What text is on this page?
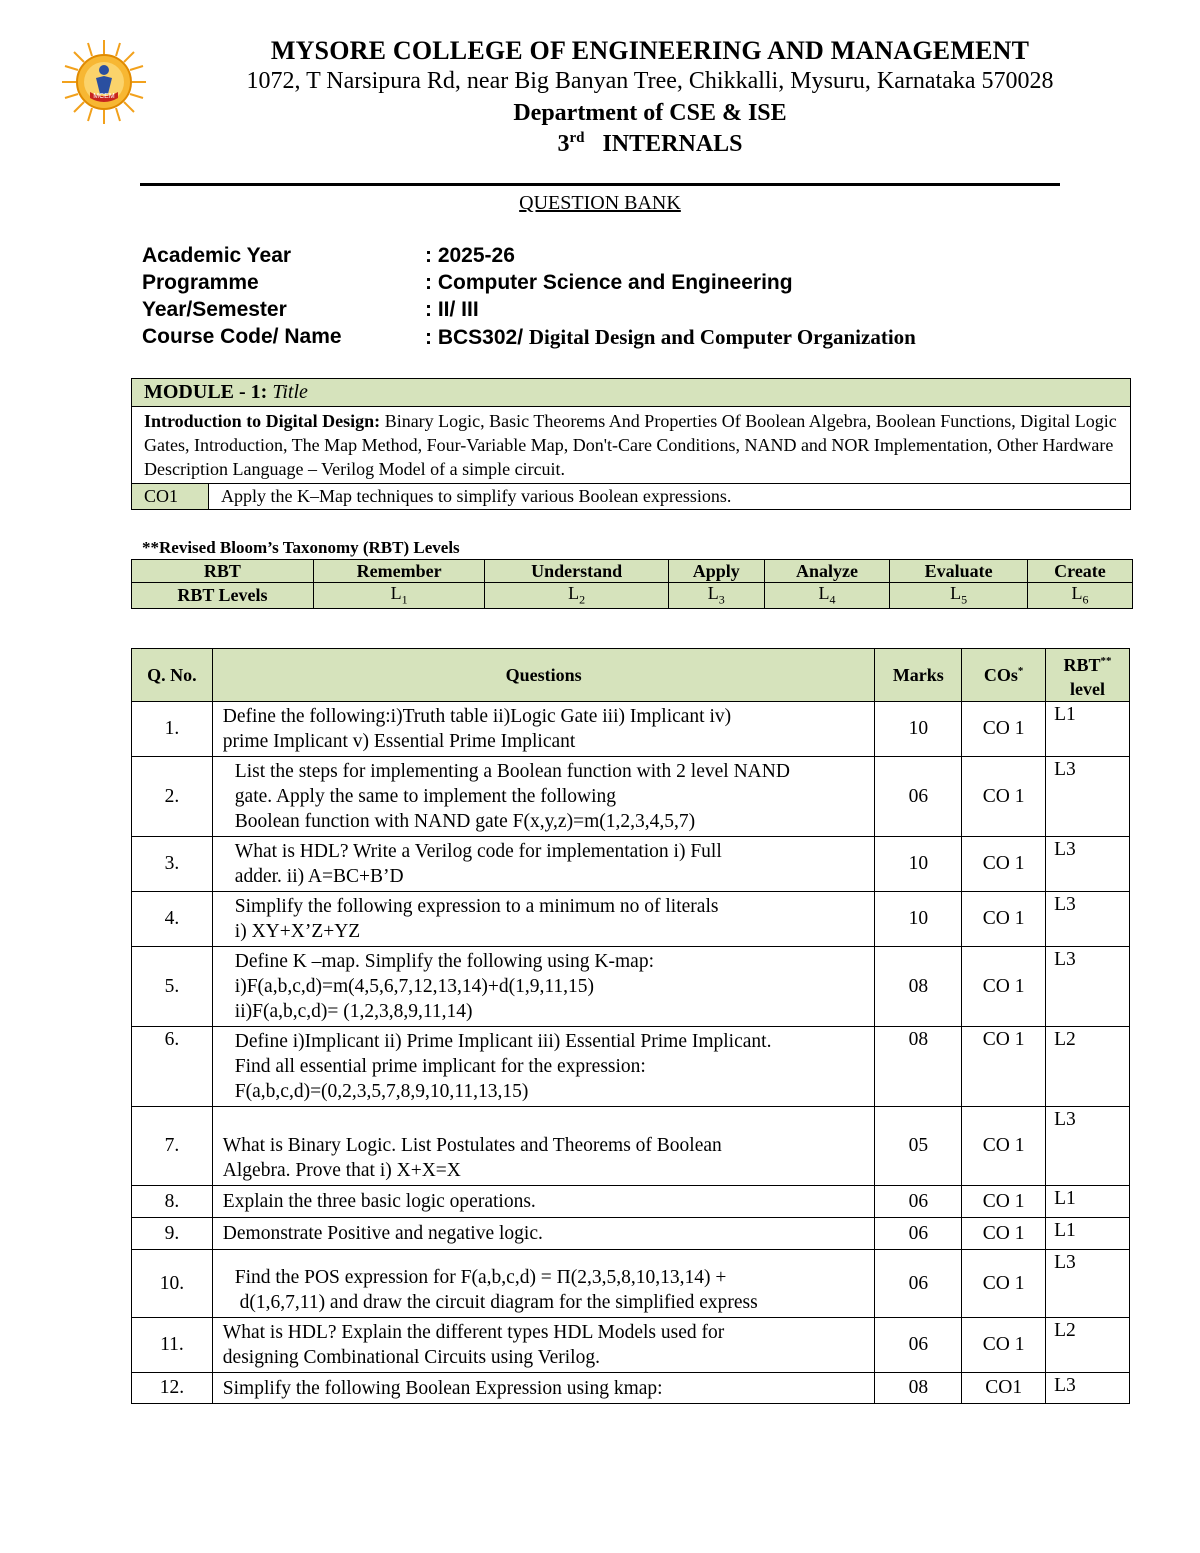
MCEM
MYSORE COLLEGE OF ENGINEERING AND MANAGEMENT
1072, T Narsipura Rd, near Big Banyan Tree, Chikkalli, Mysuru, Karnataka 570028
Department of CSE & ISE
3rd INTERNALS
QUESTION BANK
Academic Year	: 2025-26
Programme	: Computer Science and Engineering
Year/Semester	: II/ III
Course Code/ Name	: BCS302/ Digital Design and Computer Organization
MODULE - 1: Title
Introduction to Digital Design: Binary Logic, Basic Theorems And Properties Of Boolean Algebra, Boolean Functions, Digital Logic Gates, Introduction, The Map Method, Four-Variable Map, Don't-Care Conditions, NAND and NOR Implementation, Other Hardware Description Language – Verilog Model of a simple circuit.
CO1	Apply the K–Map techniques to simplify various Boolean expressions.
**Revised Bloom’s Taxonomy (RBT) Levels
RBT	Remember	Understand	Apply	Analyze	Evaluate	Create
RBT Levels	$L_1$	$L_2$	$L_3$	$L_4$	$L_5$	$L_6$
Q. No.	Questions	Marks	COs*	RBT**
level
1.	Define the following:i)Truth table ii)Logic Gate iii) Implicant iv)
prime Implicant v) Essential Prime Implicant	10	CO 1	L1
2.	List the steps for implementing a Boolean function with 2 level NAND
gate. Apply the same to implement the following
Boolean function with NAND gate F(x,y,z)=m(1,2,3,4,5,7)	06	CO 1	L3
3.	What is HDL? Write a Verilog code for implementation i) Full
adder. ii) A=BC+B’D	10	CO 1	L3
4.	Simplify the following expression to a minimum no of literals
i) XY+X’Z+YZ	10	CO 1	L3
5.	Define K –map. Simplify the following using K-map:
i)F(a,b,c,d)=m(4,5,6,7,12,13,14)+d(1,9,11,15)
ii)F(a,b,c,d)= (1,2,3,8,9,11,14)	08	CO 1	L3
6.	Define i)Implicant ii) Prime Implicant iii) Essential Prime Implicant.
Find all essential prime implicant for the expression:
F(a,b,c,d)=(0,2,3,5,7,8,9,10,11,13,15)	08	CO 1	L2
7.	What is Binary Logic. List Postulates and Theorems of Boolean
Algebra. Prove that i) X+X=X	05	CO 1	L3
8.	Explain the three basic logic operations.	06	CO 1	L1
9.	Demonstrate Positive and negative logic.	06	CO 1	L1
10.	Find the POS expression for F(a,b,c,d) = Π(2,3,5,8,10,13,14) +
d(1,6,7,11) and draw the circuit diagram for the simplified express	06	CO 1	L3
11.	What is HDL? Explain the different types HDL Models used for
designing Combinational Circuits using Verilog.	06	CO 1	L2
12.	Simplify the following Boolean Expression using kmap:	08	CO1	L3
